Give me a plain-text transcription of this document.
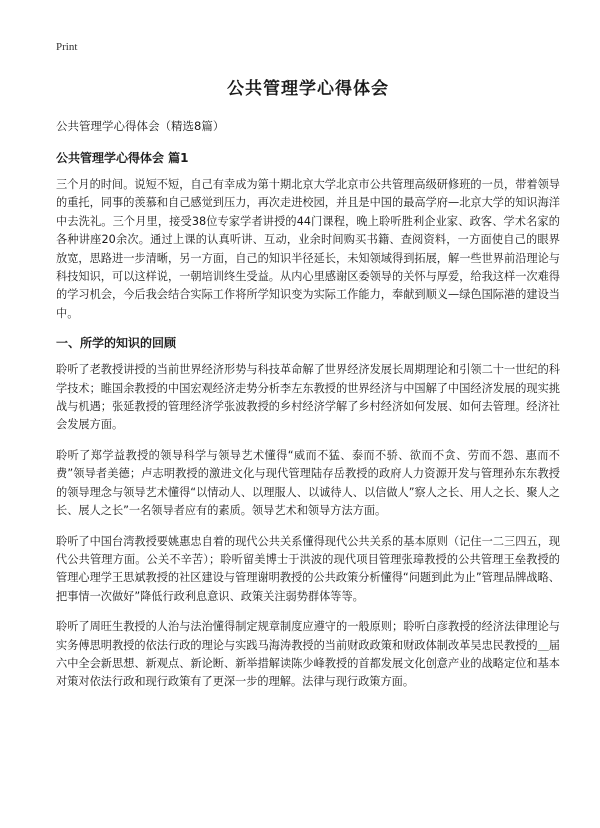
Print
公共管理学心得体会
公共管理学心得体会（精选8篇）
公共管理学心得体会 篇1
三个月的时间。说短不短，自己有幸成为第十期北京大学北京市公共管理高级研修班的一员，带着领导的重托，同事的羡慕和自己感觉到压力，再次走进校园，并且是中国的最高学府—北京大学的知识海洋中去洗礼。三个月里，接受38位专家学者讲授的44门课程，晚上聆听胜利企业家、政客、学术名家的各种讲座20余次。通过上课的认真听讲、互动，业余时间购买书籍、查阅资料，一方面使自己的眼界放宽，思路进一步清晰，另一方面，自己的知识半径延长，未知领域得到拓展，解一些世界前沿理论与科技知识，可以这样说，一朝培训终生受益。从内心里感谢区委领导的关怀与厚爱，给我这样一次难得的学习机会，今后我会结合实际工作将所学知识变为实际工作能力，奉献到顺义—绿色国际港的建设当中。
一、所学的知识的回顾
聆听了老教授讲授的当前世界经济形势与科技革命解了世界经济发展长周期理论和引领二十一世纪的科学技术；睢国余教授的中国宏观经济走势分析李左东教授的世界经济与中国解了中国经济发展的现实挑战与机遇；张延教授的管理经济学张波教授的乡村经济学解了乡村经济如何发展、如何去管理。经济社会发展方面。
聆听了郑学益教授的领导科学与领导艺术懂得“威而不猛、泰而不骄、欲而不贪、劳而不怨、惠而不费”领导者美德；卢志明教授的激进文化与现代管理陆存岳教授的政府人力资源开发与管理孙东东教授的领导理念与领导艺术懂得“以情动人、以理服人、以诚待人、以信做人”察人之长、用人之长、聚人之长、展人之长”一名领导者应有的素质。领导艺术和领导方法方面。
聆听了中国台湾教授要姚惠忠自着的现代公共关系懂得现代公共关系的基本原则（记住一二三四五，现代公共管理方面。公关不辛苦）；聆听留美博士于洪波的现代项目管理张璋教授的公共管理王垒教授的管理心理学王思斌教授的社区建设与管理谢明教授的公共政策分析懂得“问题到此为止”管理品牌战略、把事情一次做好”降低行政利息意识、政策关注弱势群体等等。
聆听了周旺生教授的人治与法治懂得制定规章制度应遵守的一般原则；聆听白彦教授的经济法律理论与实务傅思明教授的依法行政的理论与实践马海涛教授的当前财政政策和财政体制改革吴忠民教授的＿届六中全会新思想、新观点、新论断、新举措解读陈少峰教授的首都发展文化创意产业的战略定位和基本对策对依法行政和现行政策有了更深一步的理解。法律与现行政策方面。
